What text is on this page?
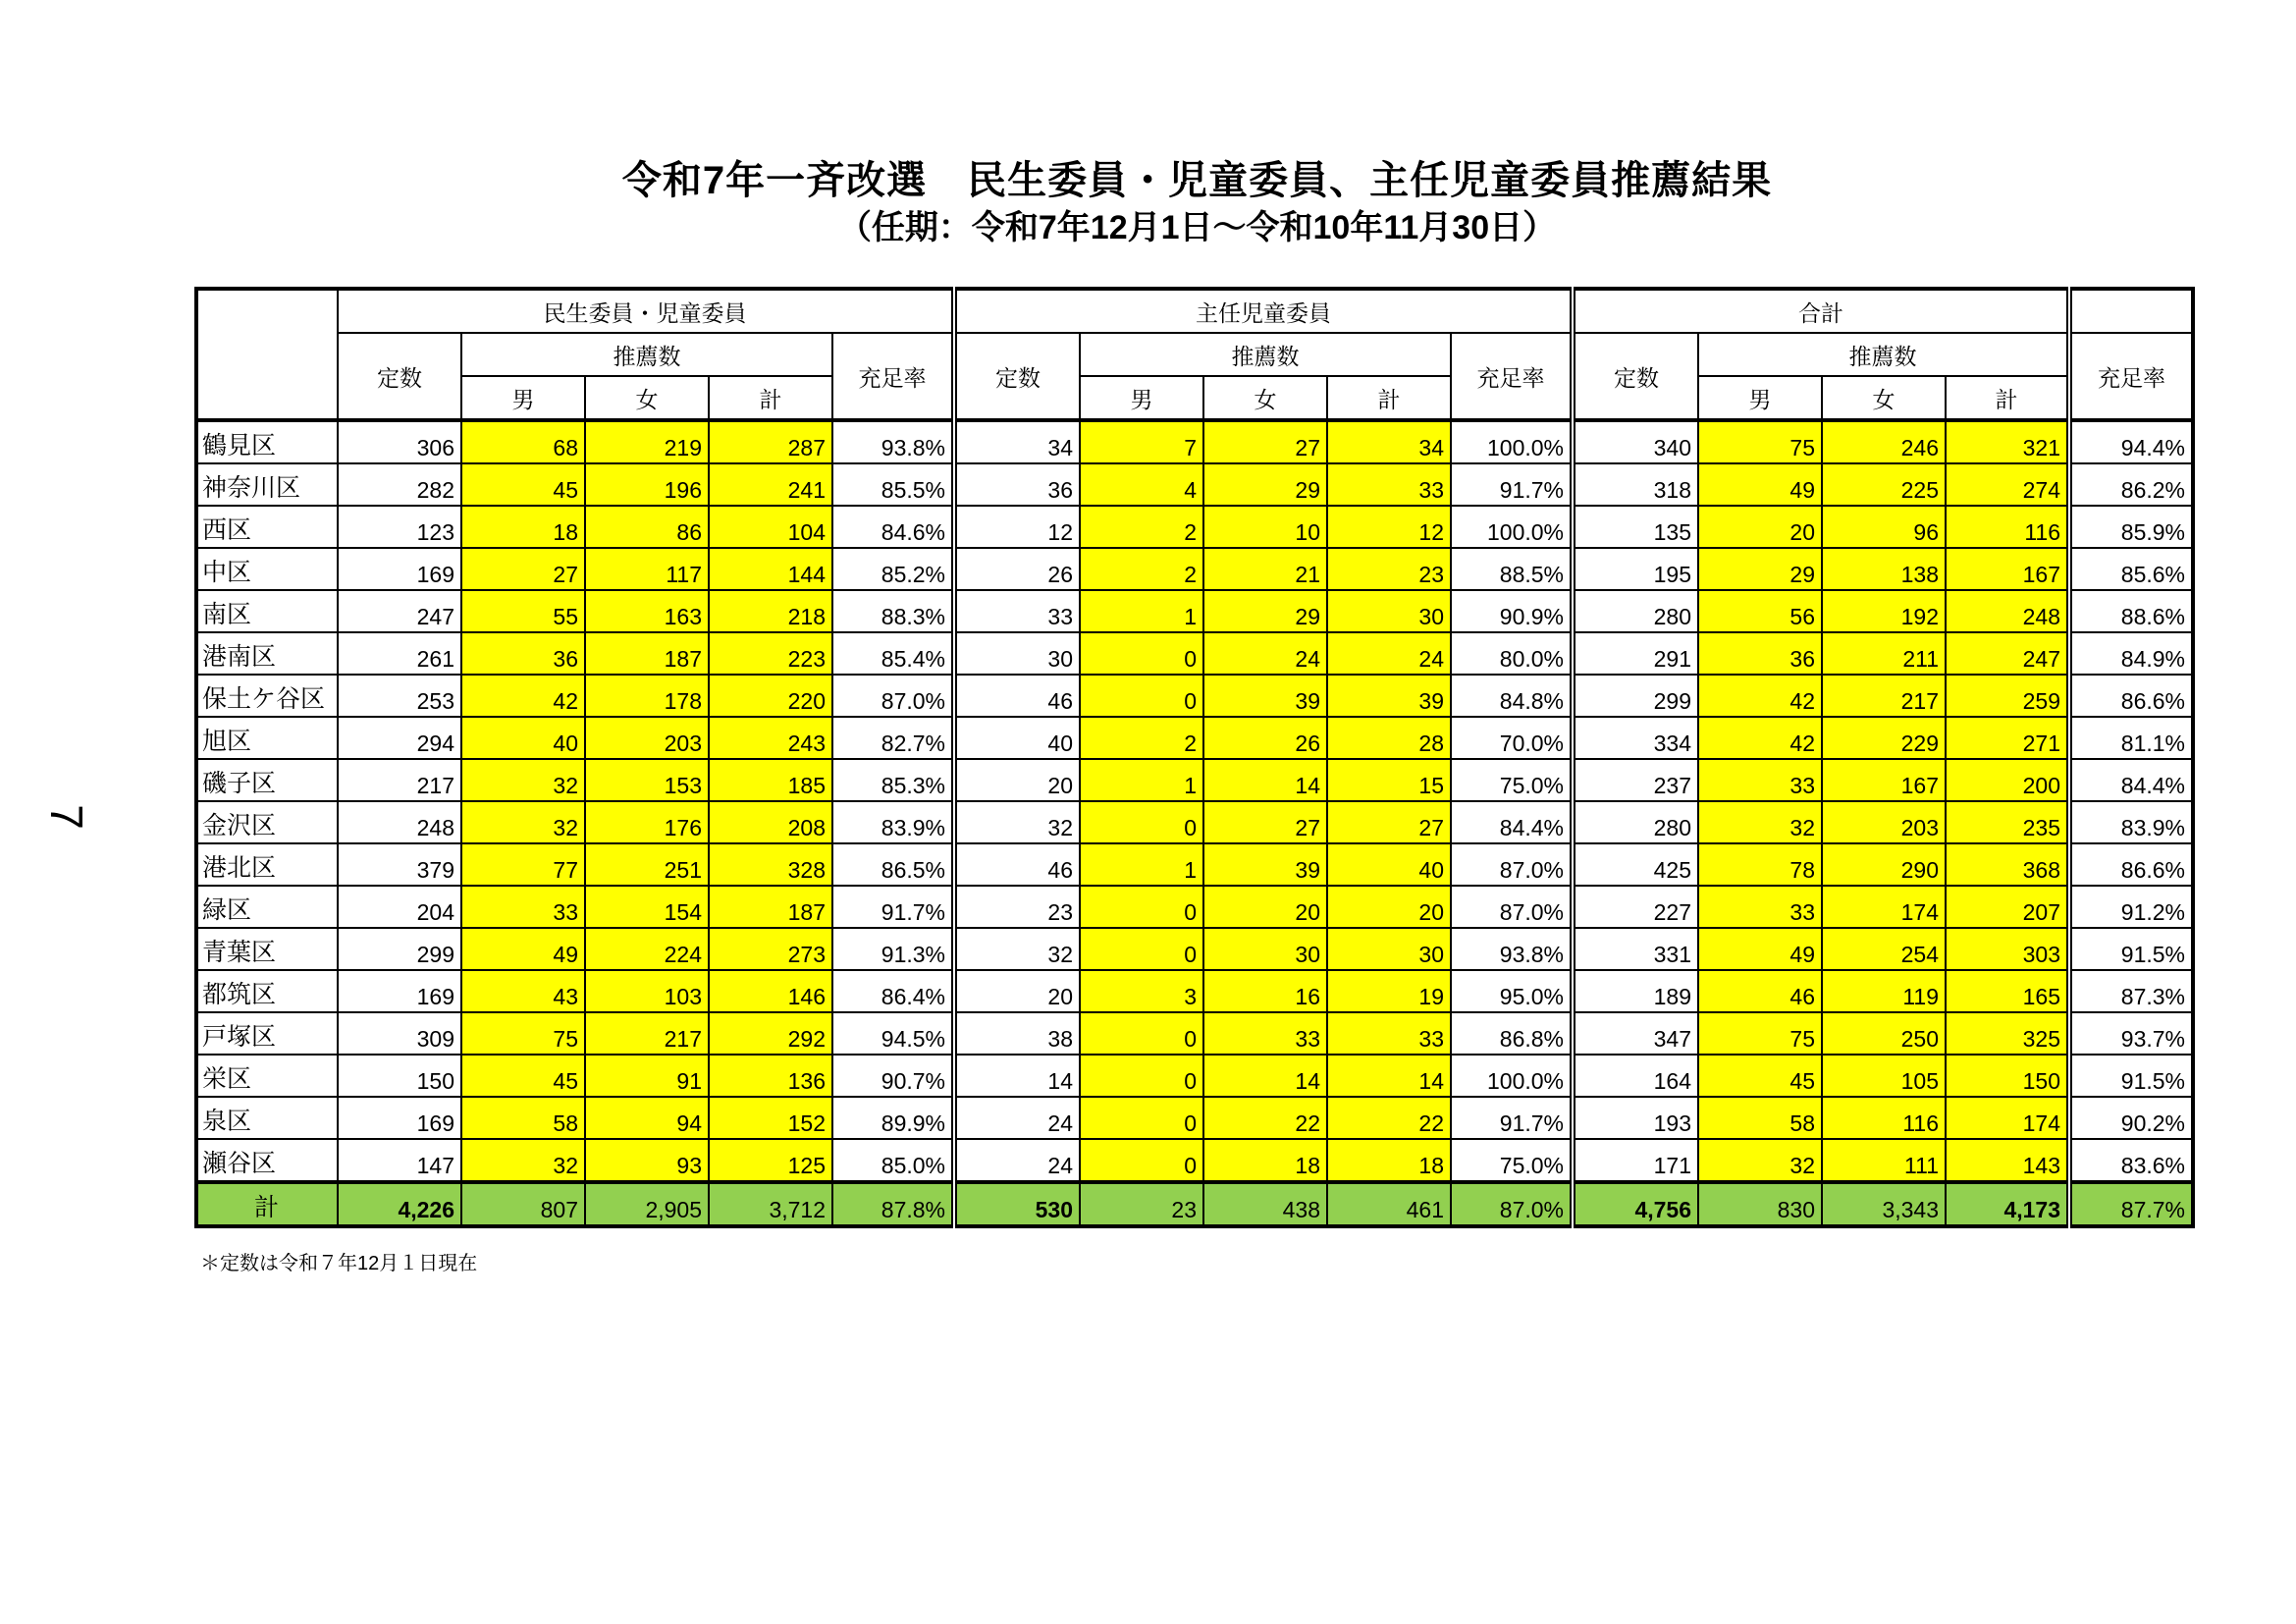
令和7年一斉改選　民生委員・児童委員、主任児童委員推薦結果
（任期：令和7年12月1日～令和10年11月30日）
7
	民生委員・児童委員					主任児童委員					合計				
	定数	推薦数			充足率	定数	推薦数			充足率	定数	推薦数			充足率
		男	女	計			男	女	計			男	女	計	
鶴見区	306	68	219	287	93.8%	34	7	27	34	100.0%	340	75	246	321	94.4%
神奈川区	282	45	196	241	85.5%	36	4	29	33	91.7%	318	49	225	274	86.2%
西区	123	18	86	104	84.6%	12	2	10	12	100.0%	135	20	96	116	85.9%
中区	169	27	117	144	85.2%	26	2	21	23	88.5%	195	29	138	167	85.6%
南区	247	55	163	218	88.3%	33	1	29	30	90.9%	280	56	192	248	88.6%
港南区	261	36	187	223	85.4%	30	0	24	24	80.0%	291	36	211	247	84.9%
保土ケ谷区	253	42	178	220	87.0%	46	0	39	39	84.8%	299	42	217	259	86.6%
旭区	294	40	203	243	82.7%	40	2	26	28	70.0%	334	42	229	271	81.1%
磯子区	217	32	153	185	85.3%	20	1	14	15	75.0%	237	33	167	200	84.4%
金沢区	248	32	176	208	83.9%	32	0	27	27	84.4%	280	32	203	235	83.9%
港北区	379	77	251	328	86.5%	46	1	39	40	87.0%	425	78	290	368	86.6%
緑区	204	33	154	187	91.7%	23	0	20	20	87.0%	227	33	174	207	91.2%
青葉区	299	49	224	273	91.3%	32	0	30	30	93.8%	331	49	254	303	91.5%
都筑区	169	43	103	146	86.4%	20	3	16	19	95.0%	189	46	119	165	87.3%
戸塚区	309	75	217	292	94.5%	38	0	33	33	86.8%	347	75	250	325	93.7%
栄区	150	45	91	136	90.7%	14	0	14	14	100.0%	164	45	105	150	91.5%
泉区	169	58	94	152	89.9%	24	0	22	22	91.7%	193	58	116	174	90.2%
瀬谷区	147	32	93	125	85.0%	24	0	18	18	75.0%	171	32	111	143	83.6%
計	4,226	807	2,905	3,712	87.8%	530	23	438	461	87.0%	4,756	830	3,343	4,173	87.7%
＊定数は令和７年12月１日現在
